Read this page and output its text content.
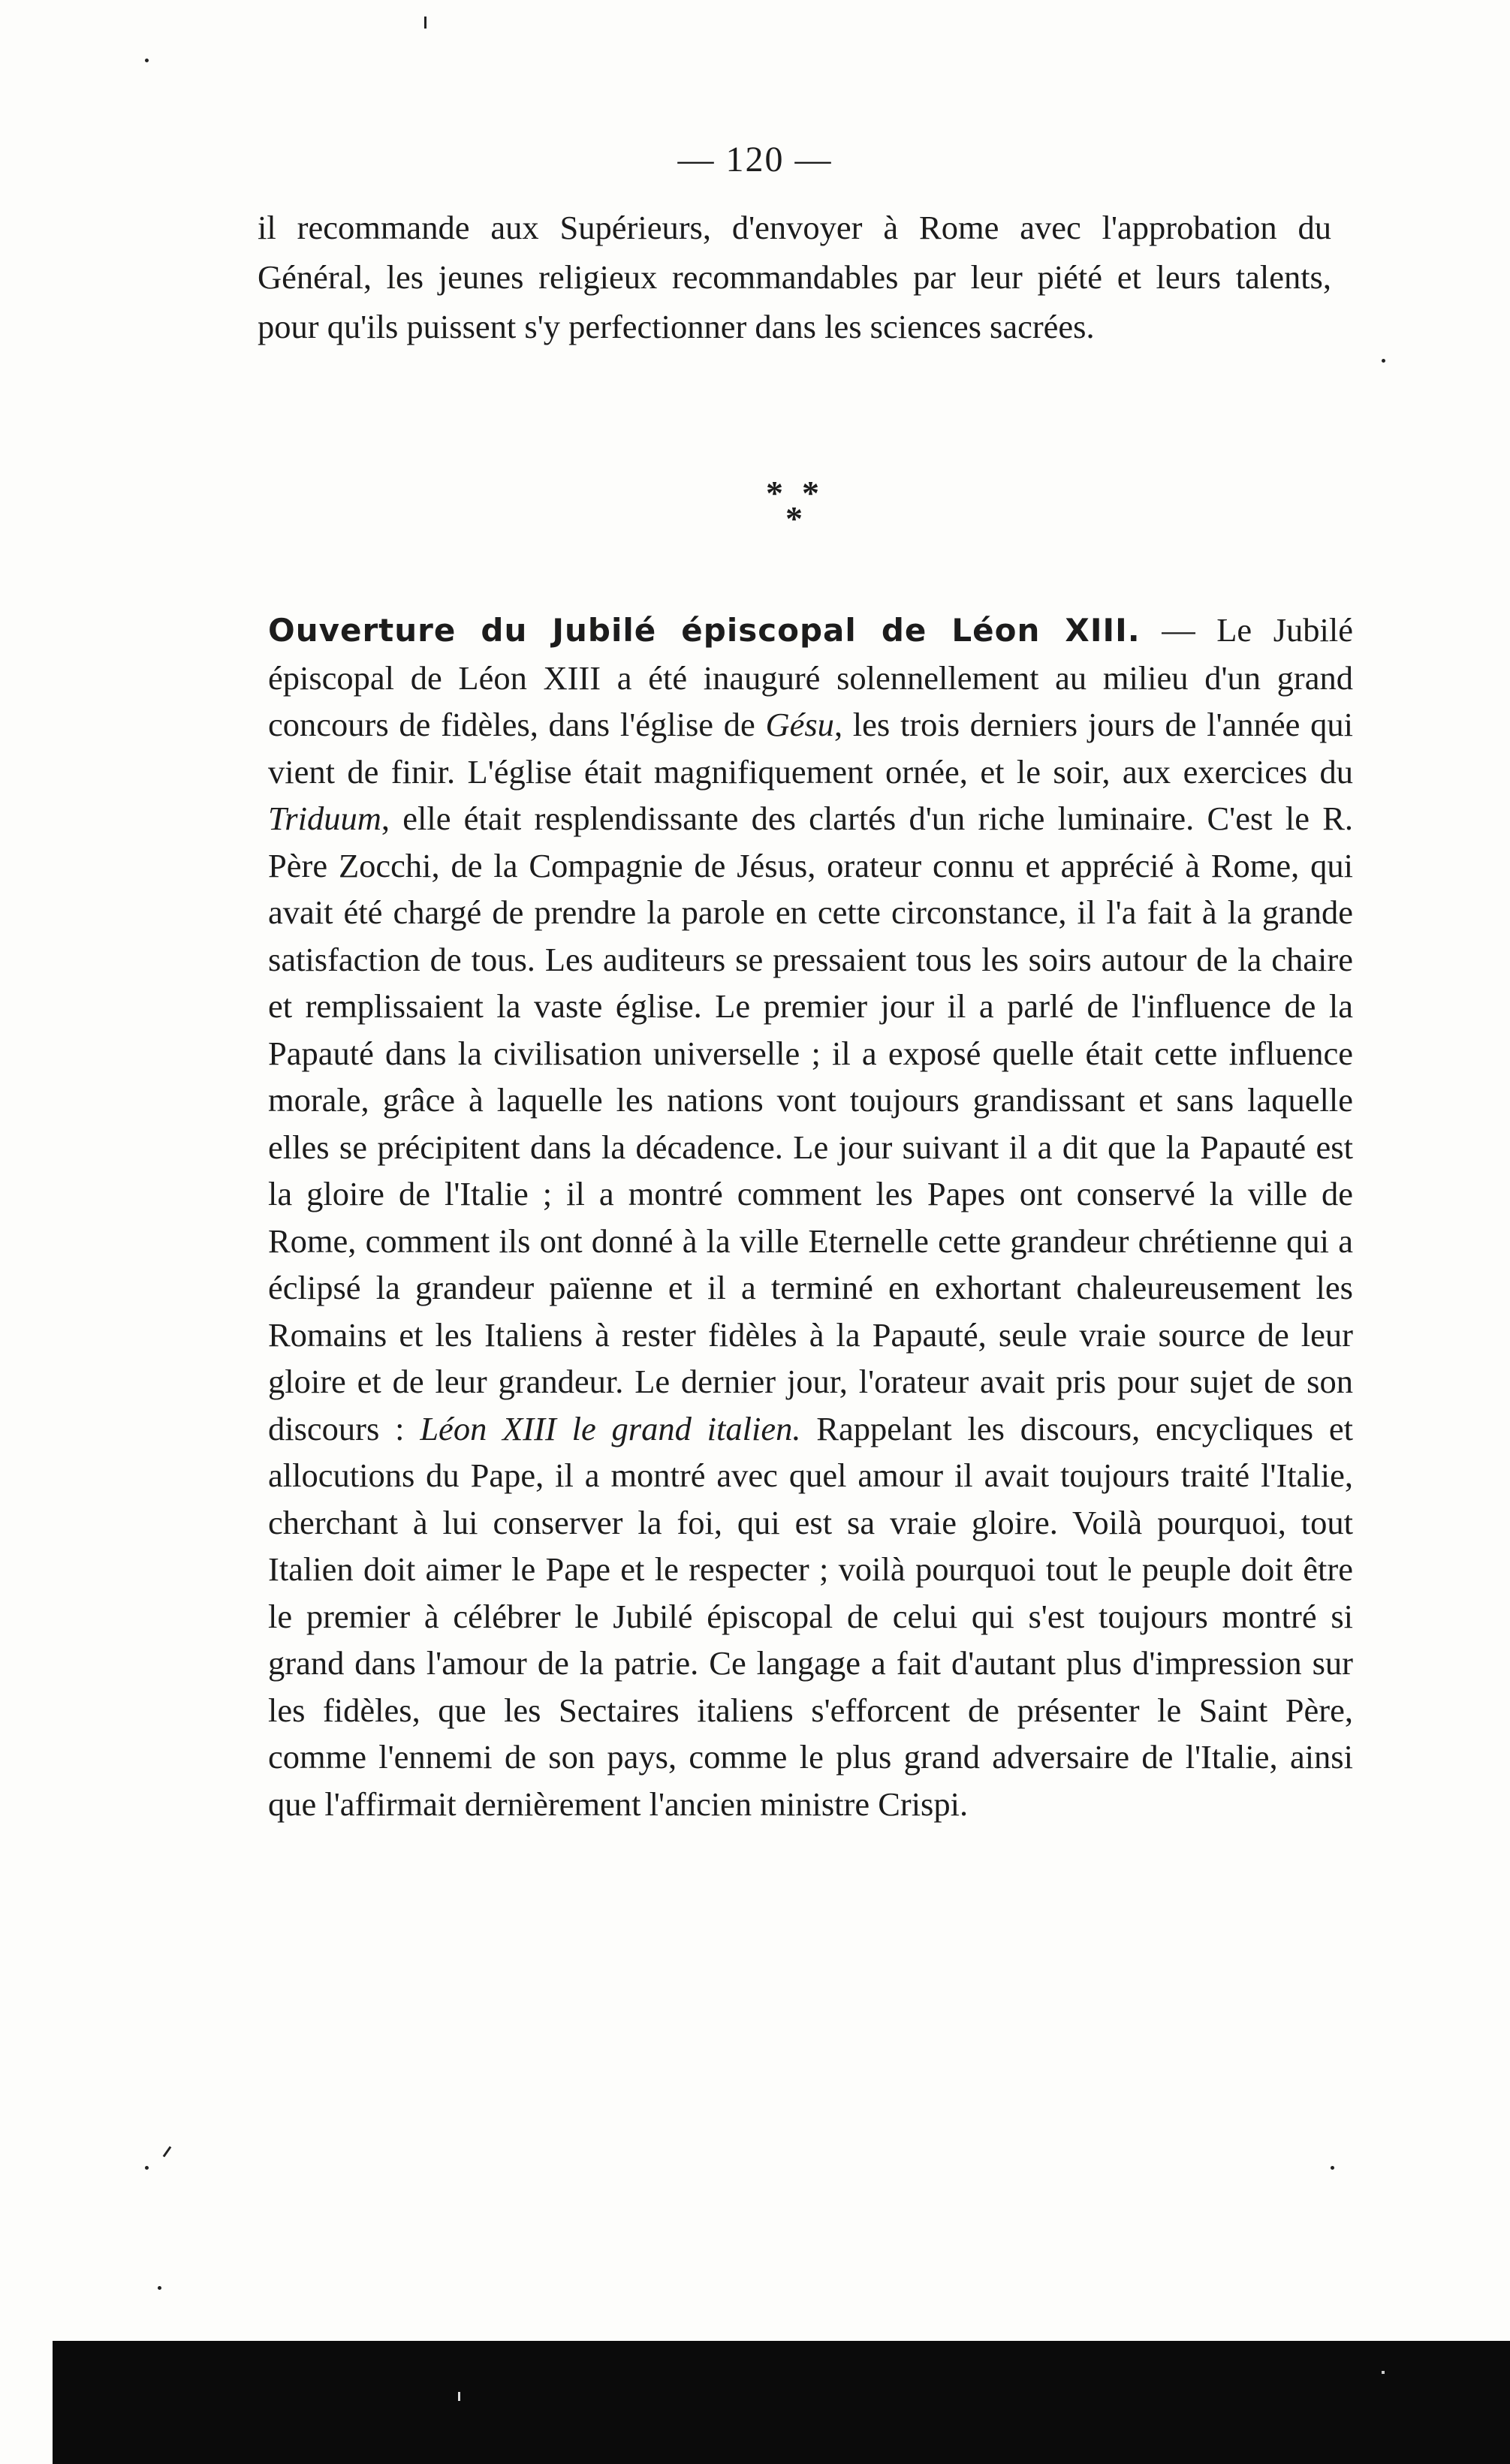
— 120 —

il recommande aux Supérieurs, d'envoyer à Rome avec l'approbation du Général, les jeunes religieux recommandables par leur piété et leurs talents, pour qu'ils puissent s'y perfectionner dans les sciences sacrées.

* *
*

Ouverture du Jubilé épiscopal de Léon XIII. — Le Jubilé épiscopal de Léon XIII a été inauguré solennellement au milieu d'un grand concours de fidèles, dans l'église de Gésu, les trois derniers jours de l'année qui vient de finir. L'église était magnifiquement ornée, et le soir, aux exercices du Triduum, elle était resplendissante des clartés d'un riche luminaire. C'est le R. Père Zocchi, de la Compagnie de Jésus, orateur connu et apprécié à Rome, qui avait été chargé de prendre la parole en cette circonstance, il l'a fait à la grande satisfaction de tous. Les auditeurs se pressaient tous les soirs autour de la chaire et remplissaient la vaste église. Le premier jour il a parlé de l'influence de la Papauté dans la civilisation universelle ; il a exposé quelle était cette influence morale, grâce à laquelle les nations vont toujours grandissant et sans laquelle elles se précipitent dans la décadence. Le jour suivant il a dit que la Papauté est la gloire de l'Italie ; il a montré comment les Papes ont conservé la ville de Rome, comment ils ont donné à la ville Eternelle cette grandeur chrétienne qui a éclipsé la grandeur païenne et il a terminé en exhortant chaleureusement les Romains et les Italiens à rester fidèles à la Papauté, seule vraie source de leur gloire et de leur grandeur. Le dernier jour, l'orateur avait pris pour sujet de son discours : Léon XIII le grand italien. Rappelant les discours, encycliques et allocutions du Pape, il a montré avec quel amour il avait toujours traité l'Italie, cherchant à lui conserver la foi, qui est sa vraie gloire. Voilà pourquoi, tout Italien doit aimer le Pape et le respecter ; voilà pourquoi tout le peuple doit être le premier à célébrer le Jubilé épiscopal de celui qui s'est toujours montré si grand dans l'amour de la patrie. Ce langage a fait d'autant plus d'impression sur les fidèles, que les Sectaires italiens s'efforcent de présenter le Saint Père, comme l'ennemi de son pays, comme le plus grand adversaire de l'Italie, ainsi que l'affirmait dernièrement l'ancien ministre Crispi.
